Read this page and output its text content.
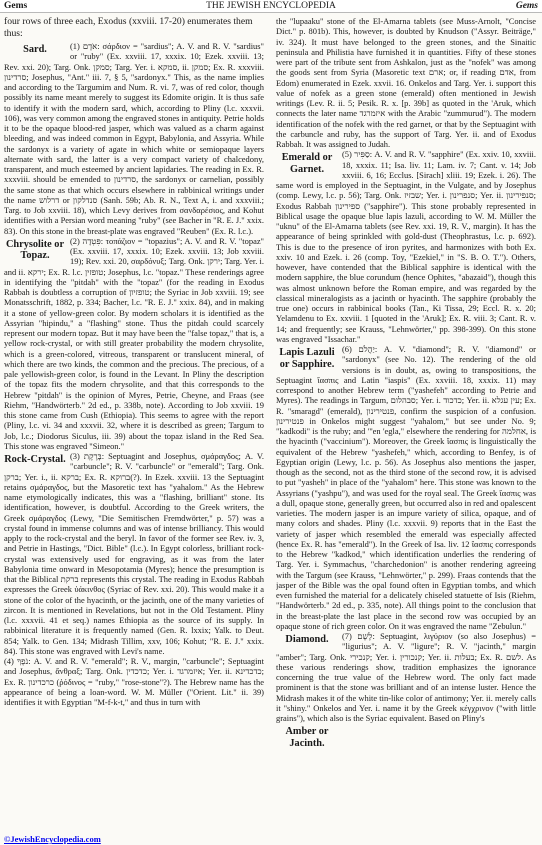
Gems	THE JEWISH ENCYCLOPEDIA	Gems

four rows of three each, Exodus (xxviii. 17-20) enumerates them thus:

Sard.	(1) אֹדֶם: σάρδιον = "sardius"; A. V. and R. V. "sardius" or "ruby" (Ex. xxviii. 17, xxxix. 10; Ezek. xxviii. 13; Rev. xxi. 20); Targ. Onk. סמקן; Targ. Yer. i. סמקא, ii. סמקן; Ex. R. xxxviii. סרדינון; Josephus, "Ant." iii. 7, § 5, "sardonyx." This, as the name implies and according to the Targumim and Num. R. vi. 7, was of red color, though possibly its name meant merely to suggest its Edomite origin. It is thus safe to identify it with the modern sard, which, according to Pliny (l.c. xxxvii. 106), was very common among the engraved stones in antiquity. Petrie holds it to be the opaque blood-red jasper, which was valued as a charm against bleeding, and was indeed common in Egypt, Babylonia, and Assyria. While the sardonyx is a variety of agate in which white or semiopaque layers alternate with sard, the latter is a very compact variety of chalcedony, transparent, and much esteemed by ancient lapidaries. The reading in Ex. R. xxxviii. should be emended to סרדינון, the sardonyx or carnelian, possibly the same stone as that which occurs elsewhere in rabbinical writings under the name דרלוש or סנדלקון (Sanh. 59b; Ab. R. N., Text A, i. and xxxviii.; Targ. to Job xxviii. 18), which Levy derives from σανδαρέσιος, and Kohut identifies with a Persian word meaning "ruby" (see Bacher in "R. E. J." xxix. 83). On this stone in the breast-plate was engraved "Reuben" (Ex. R. l.c.).

Chrysolite or Topaz.

(2) פִּטְדָה: τοπάζιον = "topazius"; A. V. and R. V. "topaz" (Ex. xxviii. 17, xxxix. 10; Ezek. xxviii. 13; Job xxviii. 19); Rev. xxi. 20, σαρδόνυξ; Targ. Onk. ירקן; Targ. Yer. i. and ii. ירקא; Ex. R. l.c. טופזין; Josephus, l.c. "topaz." These renderings agree in identifying the "pitdah" with the "topaz" (for the reading in Exodus Rabbah is doubtless a corruption of טופזיון; the Syriac in Job xxviii. 19; see Monatsschrift, 1882, p. 334; Bacher, l.c. "R. E. J." xxix. 84), and in making it a stone of yellow-green color. By modern scholars it is identified as the Assyrian "hipindu," a "flashing" stone. Thus the pitdah could scarcely represent our modern topaz. But it may have been the "false topaz," that is, a yellow rock-crystal, or with still greater probability the modern chrysolite, which is a green-colored, vitreous, transparent or translucent mineral, of which there are two kinds, the common and the precious. The precious, of a pale yellowish-green color, is found in the Levant. In Pliny the description of the topaz fits the modern chrysolite, and that this corresponds to the Hebrew "pitdah" is the opinion of Myres, Petrie, Cheyne, and Fraas (see Riehm, "Handwörterb." 2d ed., p. 338b, note). According to Job xxviii. 19 this stone came from Cush (Ethiopia). This seems to agree with the report (Pliny, l.c. vi. 34 and xxxvii. 32, where it is described as green; Targum to Job, l.c.; Diodorus Siculus, iii. 39) about the topaz island in the Red Sea. This stone was engraved "Simeon."

Rock-Crystal. (3) בָּרֶקֶת: Septuagint and Josephus, σμάραγδος; A. V. "carbuncle"; R. V. "carbuncle" or "emerald"; Targ. Onk. ברקן; Yer. i., ii. ברקא; Ex. R. ברוקא(?). In Ezek. xxviii. 13 the Septuagint retains σμάραγδος, but the Masoretic text has "yahalom." As the Hebrew name etymologically indicates, this was a "flashing, brilliant" stone. Its identification, however, is doubtful. According to the Greek writers, the Greek σμάραγδος (Lewy, "Die Semitischen Fremdwörter," p. 57) was a crystal found in immense columns and was of intense brilliancy. This would apply to the rock-crystal and the beryl. In favor of the former see Rev. iv. 3, and Petrie in Hastings, "Dict. Bible" (l.c.). In Egypt colorless, brilliant rock-crystal was extensively used for engraving, as it was from the later Babylonia time onward in Mesopotamia (Myres); hence the presumption is that the Biblical ברקת represents this crystal. The reading in Exodus Rabbah expresses the Greek ὑάκινθος (Syriac of Rev. xxi. 20). This would make it a stone of the color of the hyacinth, or the jacinth, one of the many varieties of zircon. It is mentioned in Revelations, but not in the Old Testament. Pliny (l.c. xxxvii. 41 et seq.) names Ethiopia as the source of its supply. In rabbinical literature it is frequently named (Gen. R. lxxix; Yalk. to Deut. 854; Yalk. to Gen. 134; Midrash Tillim, xxv, 106; Kohut; "R. E. J." xxix. 84). This stone was engraved with Levi's name.

(4) נֹפֶךְ: A. V. and R. V. "emerald"; R. V., margin, "carbuncle"; Septuagint and Josephus, ἄνθραξ; Targ. Onk. כדכדין; Yer. i. איזמרגד; Yer. ii. כדכדינא; Ex. R. כרכדינון (ῥόδινος = "ruby," "rose-stone"?). The Hebrew name has the appearance of being a loan-word. W. M. Müller ("Orient. Lit." ii. 39) identifies it with Egyptian "M-f-k-t," and thus in turn with

the "lupaaku" stone of the El-Amarna tablets (see Muss-Arnolt, "Concise Dict." p. 801b). This, however, is doubted by Knudson ("Assyr. Beiträge," iv. 324). It must have belonged to the green stones, and the Sinaitic peninsula and Philistia have furnished it in quantities. Fifty of these stones were part of the tribute sent from Ashkalon, just as the "nofek" was among the goods sent from Syria (Masoretic text ארם; or, if reading אדם, from Edom) enumerated in Ezek. xxvii. 16. Onkelos and Targ. Yer. i. support this value of nofek as a green stone (emerald) often mentioned in Jewish writings (Lev. R. ii. 5; Pesik. R. x. [p. 39b] as quoted in the 'Aruk, which connects the later name איזמרגד with the Arabic "zummurud"). The modern identification of the nofek with the red garnet, or that by the Septuagint with the carbuncle and ruby, has the support of Targ. Yer. ii. and of Exodus Rabbah. It was assigned to Judah.

Emerald or Garnet.

(5) סַפִּיר: A. V. and R. V. "sapphire" (Ex. xxiv. 10, xxviii. 18, xxxix. 11; Isa. liv. 11; Lam. iv. 7; Cant. v. 14; Job xxviii. 6, 16; Ecclus. [Sirach] xliii. 19; Ezek. i. 26). The same word is employed in the Septuagint, in the Vulgate, and by Josephus (comp. Lewy, l.c. p. 56); Targ. Onk. שבזיז; Yer. i. סנפרינון; Yer. ii. סנפירינון; Exodus Rabbah ספירינון ("sapphire"). This stone probably represented in Biblical usage the opaque blue lapis lazuli, according to W. M. Müller the "uknu" of the El-Amarna tablets (see Rev. xxi. 19, R. V., margin). It has the appearance of being sprinkled with gold-dust (Theophrastus, l.c. p. 692). This is due to the presence of iron pyrites, and harmonizes with both Ex. xxiv. 10 and Ezek. i. 26 (comp. Toy, "Ezekiel," in "S. B. O. T."). Others, however, have contended that the Biblical sapphire is identical with the modern sapphire, the blue corundum (hence Ophites, "abazaid"), though this was almost unknown before the Roman empire, and was regarded by the classical mineralogists as a jacinth or hyacinth. The sapphire (probably the true one) occurs in rabbinical books (Tan., Ki Tissa, 29; Eccl. R. x. 20; Yelamdenu to Ex. xxviii. 1 [quoted in the 'Aruk]; Ex. R. viii. 3; Cant. R. v. 14; and frequently; see Krauss, "Lehnwörter," pp. 398-399). On this stone was engraved "Issachar."

Lapis Lazuli or Sapphire.

(6) יַהֲלֹם: A. V. "diamond"; R. V. "diamond" or "sardonyx" (see No. 12). The rendering of the old versions is in doubt, as, owing to transpositions, the Septuagint ἴασπις and Latin "iaspis" (Ex. xxviii. 18, xxxix. 11) may correspond to another Hebrew term ("yashefeh" according to Petrie and Myres). The readings in Targum, סבהלום; Yer. i. כדכוד; Yer. ii. עין עגלא; Ex. R. "smaragd" (emerald), פנטירינון, confirm the suspicion of a confusion. פנטירינון in Onkelos might suggest "yahalom," but see under No. 9; "kadkodi" is the ruby; and "'en 'egla," elsewhere the rendering for אחלמה, is the hyacinth ("vaccinium"). Moreover, the Greek ἴασπις is linguistically the equivalent of the Hebrew "yashefeh," which, according to Benfey, is of Egyptian origin (Lewy, l.c. p. 56). As Josephus also mentions the jasper, though as the second, not as the third stone of the second row, it is advised to put "yasheh" in place of the "yahalom" here. This stone was known to the Assyrians ("yashpu"), and was used for the royal seal. The Greek ἴασπις was a dull, opaque stone, generally green, but occurred also in red and opalescent varieties. The modern jasper is an impure variety of silica, opaque, and of many colors and shades. Pliny (l.c. xxxvii. 9) reports that in the East the variety of jasper which resembled the emerald was especially affected (hence Ex. R. has "emerald"). In the Greek of Isa. liv. 12 ἴασπις corresponds to the Hebrew "kadkod," which identification underlies the rendering of Targ. Yer. i. Symmachus, "charchedonion" is another rendering agreeing with the Targum (see Krauss, "Lehnwörter," p. 299). Fraas contends that the jasper of the Bible was the opal found often in Egyptian tombs, and which even furnished the material for a delicately chiseled statuette of Isis (Riehm, "Handwörterb." 2d ed., p. 335, note). All things point to the conclusion that in the breast-plate the last place in the second row was occupied by an opaque stone of rich green color. On it was engraved the name "Zebulun."

Diamond.	(7) לֶשֶׁם: Septuagint, λιγύριον (so also Josephus) = "ligurius"; A. V. "ligure"; R. V. "jacinth," margin "amber"; Targ. Onk. קנכירי; Yer. i. קנכורין; Yer. ii. בעלות; Ex. R. לשם. As these various renderings show, tradition emphasizes the ignorance concerning the true value of the Hebrew word. The only fact made prominent is that the stone was brilliant and of an intense luster. Hence the Midrash makes it of the white tin-like color of antimony; Yer. ii. merely calls it "shiny." Onkelos and Yer. i. name it by the Greek κέγχρινον ("with little grains"), which also is the Syriac equivalent. Based on Pliny's

Amber or Jacinth.
©JewishEncyclopedia.com
